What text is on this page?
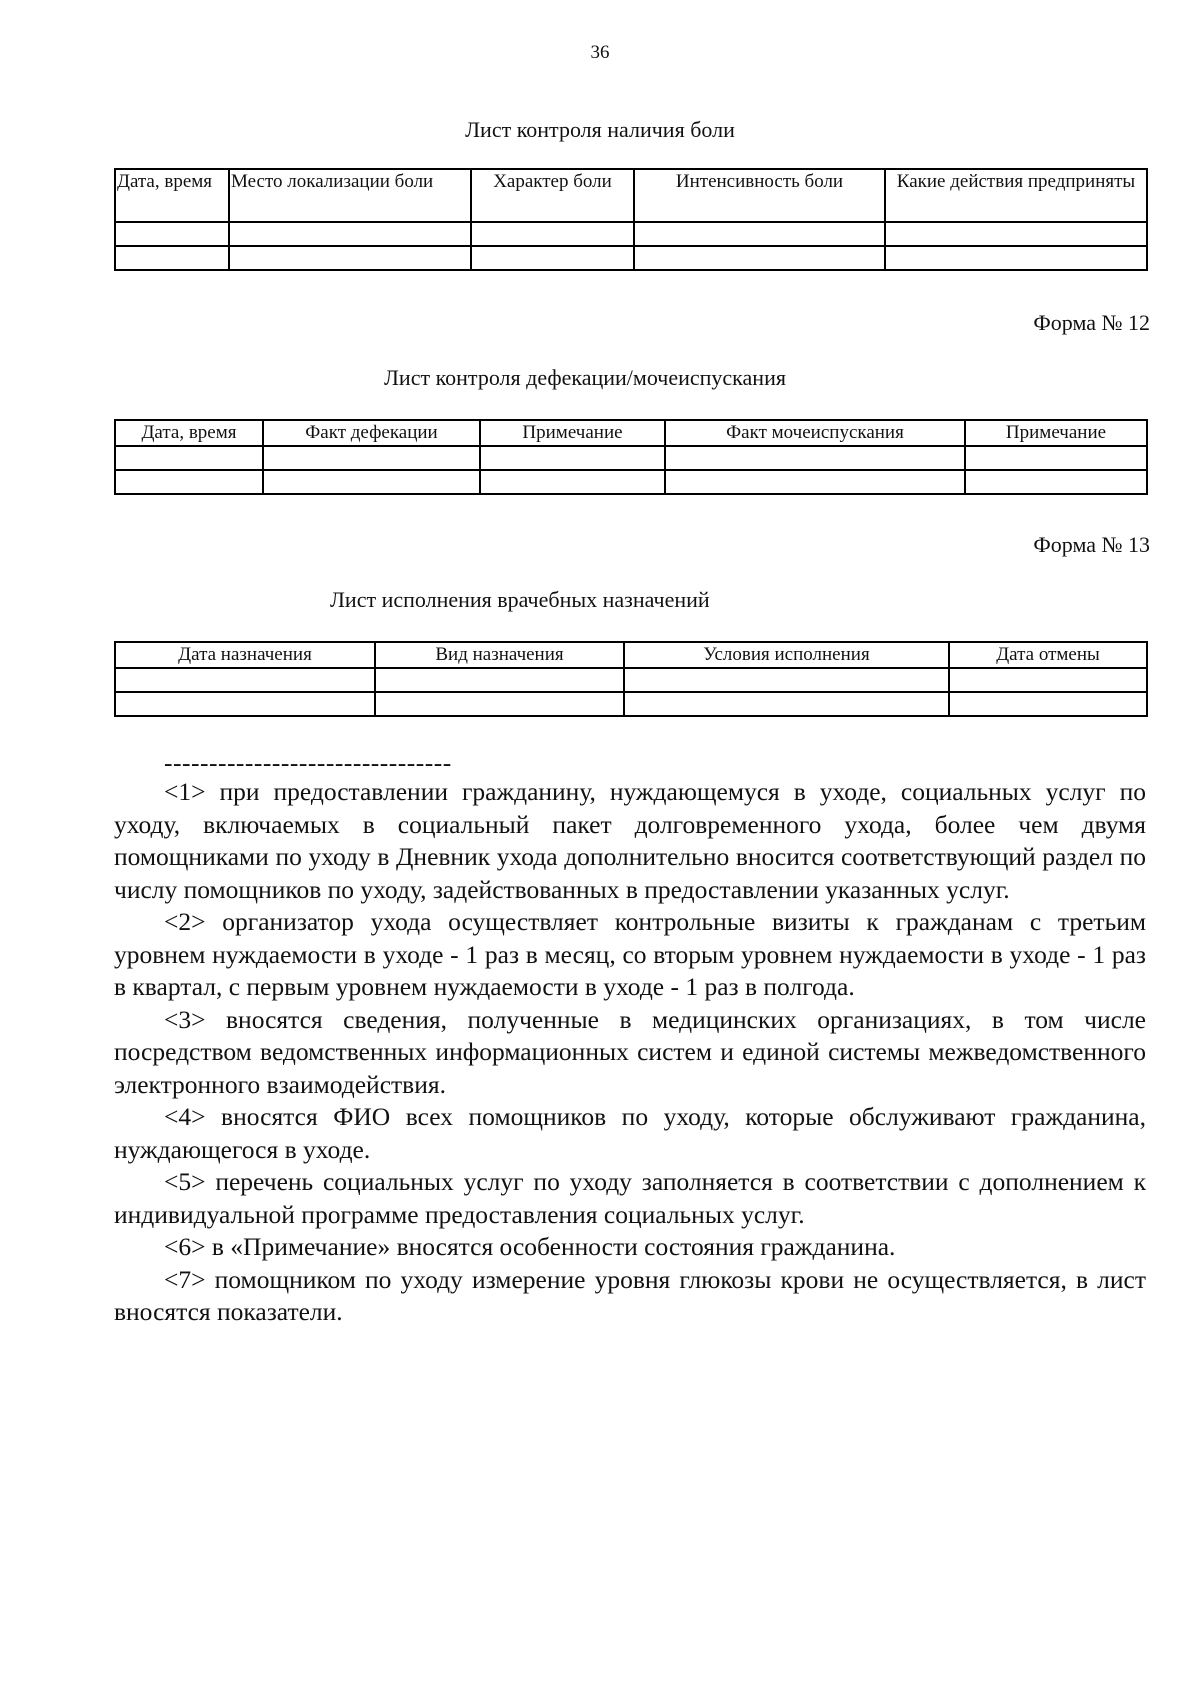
36
Лист контроля наличия боли
Дата, время	Место локализации боли	Характер боли	Интенсивность боли	Какие действия предприняты

Форма № 12
Лист контроля дефекации/мочеиспускания
Дата, время	Факт дефекации	Примечание	Факт мочеиспускания	Примечание

Форма № 13
Лист исполнения врачебных назначений
Дата назначения	Вид назначения	Условия исполнения	Дата отмены

--------------------------------

<1> при предоставлении гражданину, нуждающемуся в уходе, социальных услуг по уходу, включаемых в социальный пакет долговременного ухода, более чем двумя помощниками по уходу в Дневник ухода дополнительно вносится соответствующий раздел по числу помощников по уходу, задействованных в предоставлении указанных услуг.

<2> организатор ухода осуществляет контрольные визиты к гражданам с третьим уровнем нуждаемости в уходе - 1 раз в месяц, со вторым уровнем нуждаемости в уходе - 1 раз в квартал, с первым уровнем нуждаемости в уходе - 1 раз в полгода.

<3> вносятся сведения, полученные в медицинских организациях, в том числе посредством ведомственных информационных систем и единой системы межведомственного электронного взаимодействия.

<4> вносятся ФИО всех помощников по уходу, которые обслуживают гражданина, нуждающегося в уходе.

<5> перечень социальных услуг по уходу заполняется в соответствии с дополнением к индивидуальной программе предоставления социальных услуг.

<6> в «Примечание» вносятся особенности состояния гражданина.

<7> помощником по уходу измерение уровня глюкозы крови не осуществляется, в лист вносятся показатели.
